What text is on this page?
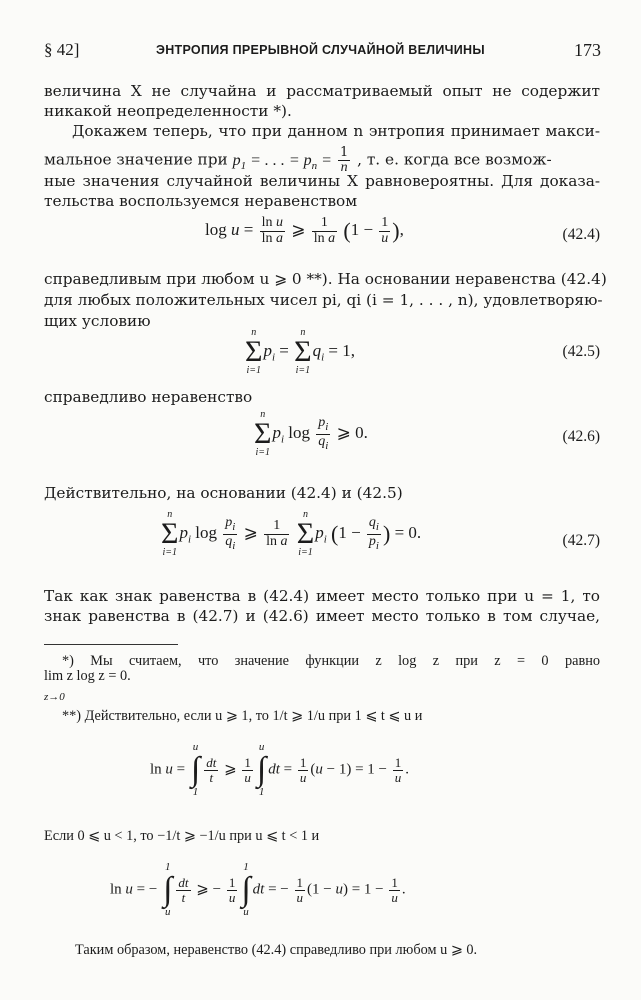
§ 42]	ЭНТРОПИЯ ПРЕРЫВНОЙ СЛУЧАЙНОЙ ВЕЛИЧИНЫ	173
величина X не случайна и рассматриваемый опыт не содержит
никакой неопределенности *).
Докажем теперь, что при данном n энтропия принимает макси-
мальное значение при $p_1$ = . . . = $p_n = \frac{1}{n}$ , т. е. когда все возмож-
ные значения случайной величины X равновероятны. Для доказа-
тельства воспользуемся неравенством
$\log u = \frac{\text{ln u}}{\text{ln a}}$ ⩾ $\frac{1}{\text{ln a}} (1 - \frac{1}{u}$ ),	(42.4)
справедливым при любом u ⩾ 0 **). На основании неравенства (42.4)
для любых положительных чисел pi, qi (i = 1, . . . , n), удовлетворяю-
щих условию
n
Σ
i=1
$p_i$ =
n
Σ
i=1
$q_i = 1$,	(42.5)
справедливо неравенство
n
Σ
i=1
$p_i$ $\log \frac{p_i}{q_i}$ ⩾ 0.	(42.6)
Действительно, на основании (42.4) и (42.5)
n
Σ
i=1
$p_i$ $\log \frac{p_i}{q_i}$ ⩾ $\frac{1}{\text{ln a}}$

n
Σ
i=1
$p_i$ ($1 - \frac{q_i}{p_i}$ ) = 0.	(42.7)
Так как знак равенства в (42.4) имеет место только при u = 1, то
знак равенства в (42.7) и (42.6) имеет место только в том случае,
*) Мы считаем, что значение функции z log z при z = 0 равно
lim z log z = 0.
z→0
**) Действительно, если u ⩾ 1, то 1/t ⩾ 1/u при 1 ⩽ t ⩽ u и
ln u =
u
∫
1
$\frac{dt}{t}$ ⩾ $\frac{1}{u}$
u
∫
1
dt = $\frac{1}{u} (u - 1) = 1 - \frac{1}{u}$ .
Если 0 ⩽ u < 1, то −1/t ⩾ −1/u при u ⩽ t < 1 и
ln u = −
1
∫
u
$\frac{dt}{t}$ ⩾ − $\frac{1}{u}$
1
∫
u
dt = − $\frac{1}{u} (1 - u) = 1 - \frac{1}{u}$ .
Таким образом, неравенство (42.4) справедливо при любом u ⩾ 0.
